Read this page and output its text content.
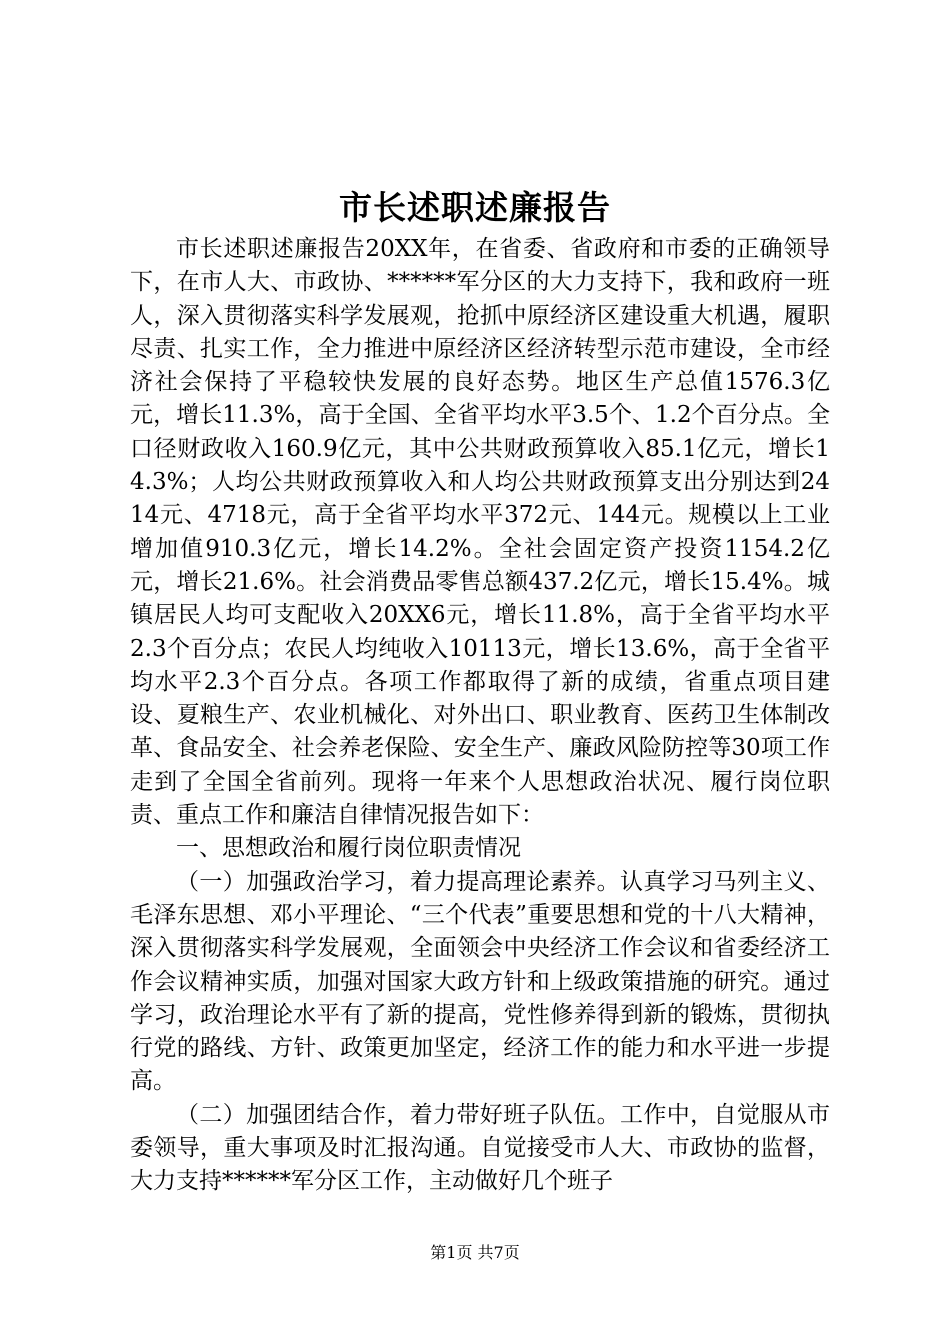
市长述职述廉报告

市长述职述廉报告20XX年，在省委、省政府和市委的正确领导下，在市人大、市政协、******军分区的大力支持下，我和政府一班人，深入贯彻落实科学发展观，抢抓中原经济区建设重大机遇，履职尽责、扎实工作，全力推进中原经济区经济转型示范市建设，全市经济社会保持了平稳较快发展的良好态势。地区生产总值1576.3亿元，增长11.3%，高于全国、全省平均水平3.5个、1.2个百分点。全口径财政收入160.9亿元，其中公共财政预算收入85.1亿元，增长14.3%；人均公共财政预算收入和人均公共财政预算支出分别达到2414元、4718元，高于全省平均水平372元、144元。规模以上工业增加值910.3亿元，增长14.2%。全社会固定资产投资1154.2亿元，增长21.6%。社会消费品零售总额437.2亿元，增长15.4%。城镇居民人均可支配收入20XX6元，增长11.8%，高于全省平均水平2.3个百分点；农民人均纯收入10113元，增长13.6%，高于全省平均水平2.3个百分点。各项工作都取得了新的成绩，省重点项目建设、夏粮生产、农业机械化、对外出口、职业教育、医药卫生体制改革、食品安全、社会养老保险、安全生产、廉政风险防控等30项工作走到了全国全省前列。现将一年来个人思想政治状况、履行岗位职责、重点工作和廉洁自律情况报告如下：

一、思想政治和履行岗位职责情况

（一）加强政治学习，着力提高理论素养。认真学习马列主义、毛泽东思想、邓小平理论、“三个代表”重要思想和党的十八大精神，深入贯彻落实科学发展观，全面领会中央经济工作会议和省委经济工作会议精神实质，加强对国家大政方针和上级政策措施的研究。通过学习，政治理论水平有了新的提高，党性修养得到新的锻炼，贯彻执行党的路线、方针、政策更加坚定，经济工作的能力和水平进一步提高。

（二）加强团结合作，着力带好班子队伍。工作中，自觉服从市委领导，重大事项及时汇报沟通。自觉接受市人大、市政协的监督，大力支持******军分区工作，主动做好几个班子

第1页 共7页
